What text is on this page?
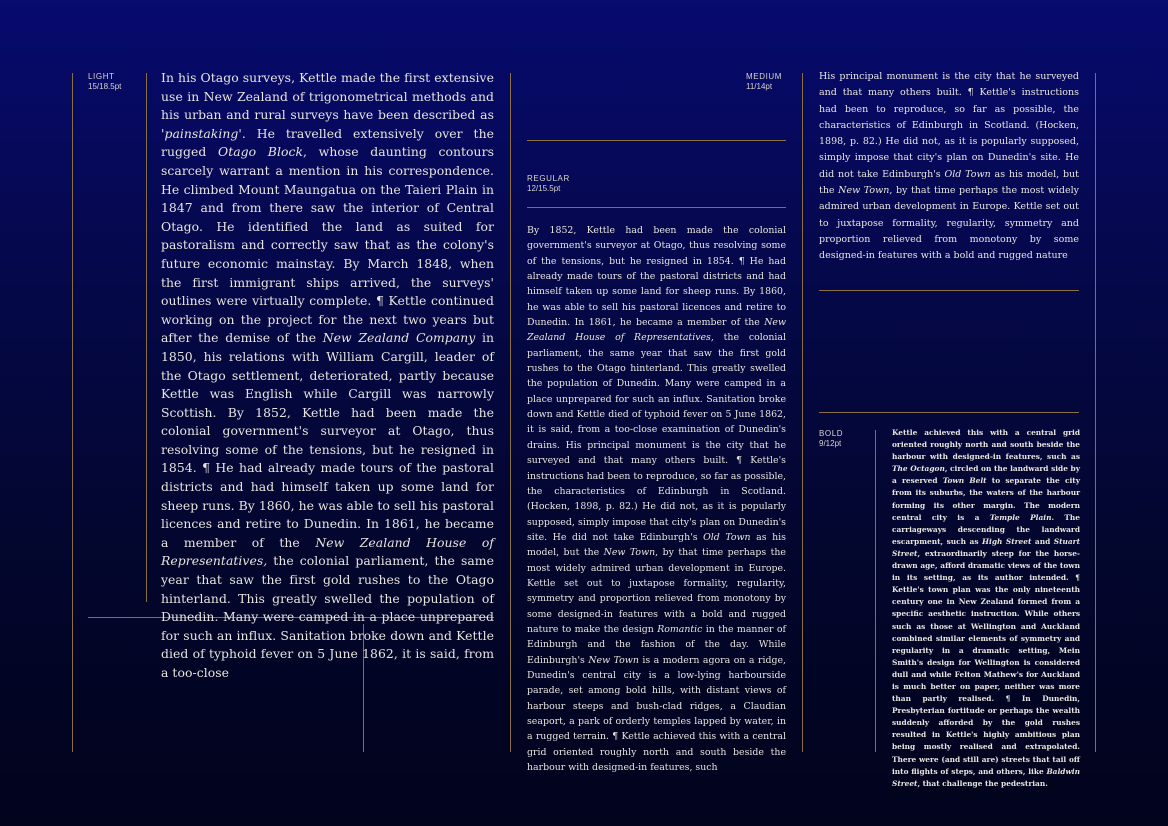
LIGHT
15/18.5pt
REGULAR
12/15.5pt
MEDIUM
11/14pt
BOLD
9/12pt

In his Otago surveys, Kettle made the first extensive use in New Zealand of trigonometrical methods and his urban and rural surveys have been described as 'painstaking'. He travelled extensively over the rugged Otago Block, whose daunting contours scarcely warrant a mention in his correspondence. He climbed Mount Maungatua on the Taieri Plain in 1847 and from there saw the interior of Central Otago. He identified the land as suited for pastoralism and correctly saw that as the colony's future economic mainstay. By March 1848, when the first immigrant ships arrived, the surveys' outlines were virtually complete. ¶ Kettle continued working on the project for the next two years but after the demise of the New Zealand Company in 1850, his relations with William Cargill, leader of the Otago settlement, deteriorated, partly because Kettle was English while Cargill was narrowly Scottish. By 1852, Kettle had been made the colonial government's surveyor at Otago, thus resolving some of the tensions, but he resigned in 1854. ¶ He had already made tours of the pastoral districts and had himself taken up some land for sheep runs. By 1860, he was able to sell his pastoral licences and retire to Dunedin. In 1861, he became a member of the New Zealand House of Representatives, the colonial parliament, the same year that saw the first gold rushes to the Otago hinterland. This greatly swelled the population of Dunedin. Many were camped in a place unprepared for such an influx. Sanitation broke down and Kettle died of typhoid fever on 5 June 1862, it is said, from a too-close

By 1852, Kettle had been made the colonial government's surveyor at Otago, thus resolving some of the tensions, but he resigned in 1854. ¶ He had already made tours of the pastoral districts and had himself taken up some land for sheep runs. By 1860, he was able to sell his pastoral licences and retire to Dunedin. In 1861, he became a member of the New Zealand House of Representatives, the colonial parliament, the same year that saw the first gold rushes to the Otago hinterland. This greatly swelled the population of Dunedin. Many were camped in a place unprepared for such an influx. Sanitation broke down and Kettle died of typhoid fever on 5 June 1862, it is said, from a too-close examination of Dunedin's drains. His principal monument is the city that he surveyed and that many others built. ¶ Kettle's instructions had been to reproduce, so far as possible, the characteristics of Edinburgh in Scotland. (Hocken, 1898, p. 82.) He did not, as it is popularly supposed, simply impose that city's plan on Dunedin's site. He did not take Edinburgh's Old Town as his model, but the New Town, by that time perhaps the most widely admired urban development in Europe. Kettle set out to juxtapose formality, regularity, symmetry and proportion relieved from monotony by some designed-in features with a bold and rugged nature to make the design Romantic in the manner of Edinburgh and the fashion of the day. While Edinburgh's New Town is a modern agora on a ridge, Dunedin's central city is a low-lying harbourside parade, set among bold hills, with distant views of harbour steeps and bush-clad ridges, a Claudian seaport, a park of orderly temples lapped by water, in a rugged terrain. ¶ Kettle achieved this with a central grid oriented roughly north and south beside the harbour with designed-in features, such

His principal monument is the city that he surveyed and that many others built. ¶ Kettle's instructions had been to reproduce, so far as possible, the characteristics of Edinburgh in Scotland. (Hocken, 1898, p. 82.) He did not, as it is popularly supposed, simply impose that city's plan on Dunedin's site. He did not take Edinburgh's Old Town as his model, but the New Town, by that time perhaps the most widely admired urban development in Europe. Kettle set out to juxtapose formality, regularity, symmetry and proportion relieved from monotony by some designed-in features with a bold and rugged nature

Kettle achieved this with a central grid oriented roughly north and south beside the harbour with designed-in features, such as The Octagon, circled on the landward side by a reserved Town Belt to separate the city from its suburbs, the waters of the harbour forming its other margin. The modern central city is a Temple Plain. The carriageways descending the landward escarpment, such as High Street and Stuart Street, extraordinarily steep for the horse-drawn age, afford dramatic views of the town in its setting, as its author intended. ¶ Kettle's town plan was the only nineteenth century one in New Zealand formed from a specific aesthetic instruction. While others such as those at Wellington and Auckland combined similar elements of symmetry and regularity in a dramatic setting, Mein Smith's design for Wellington is considered dull and while Felton Mathew's for Auckland is much better on paper, neither was more than partly realised. ¶ In Dunedin, Presbyterian fortitude or perhaps the wealth suddenly afforded by the gold rushes resulted in Kettle's highly ambitious plan being mostly realised and extrapolated. There were (and still are) streets that tail off into flights of steps, and others, like Baldwin Street, that challenge the pedestrian.
